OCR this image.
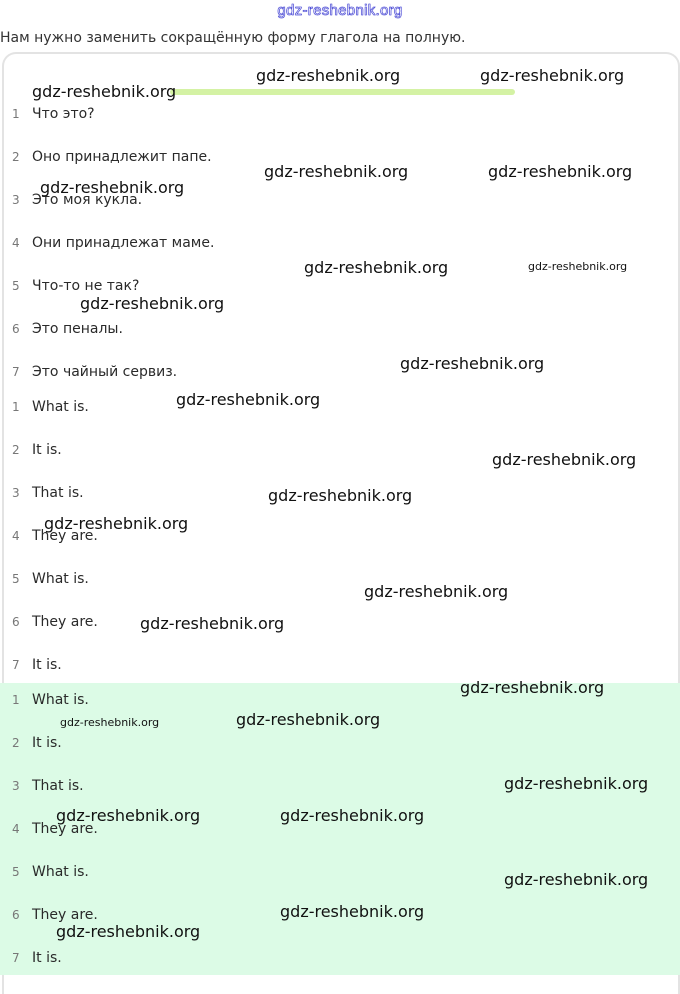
gdz-reshebnik.org
Нам нужно заменить сокращённую форму глагола на полную.
1 Что это?
2 Оно принадлежит папе.
3 Это моя кукла.
4 Они принадлежат маме.
5 Что-то не так?
6 Это пеналы.
7 Это чайный сервиз.
1 What is.
2 It is.
3 That is.
4 They are.
5 What is.
6 They are.
7 It is.
1 What is.
2 It is.
3 That is.
4 They are.
5 What is.
6 They are.
7 It is.
gdz-reshebnik.org
gdz-reshebnik.org	gdz-reshebnik.org
gdz-reshebnik.org	gdz-reshebnik.org
gdz-reshebnik.org
gdz-reshebnik.org	gdz-reshebnik.org
gdz-reshebnik.org
gdz-reshebnik.org
gdz-reshebnik.org
gdz-reshebnik.org
gdz-reshebnik.org
gdz-reshebnik.org
gdz-reshebnik.org
gdz-reshebnik.org
gdz-reshebnik.org
gdz-reshebnik.org	gdz-reshebnik.org
gdz-reshebnik.org
gdz-reshebnik.org	gdz-reshebnik.org
gdz-reshebnik.org
gdz-reshebnik.org
gdz-reshebnik.org
